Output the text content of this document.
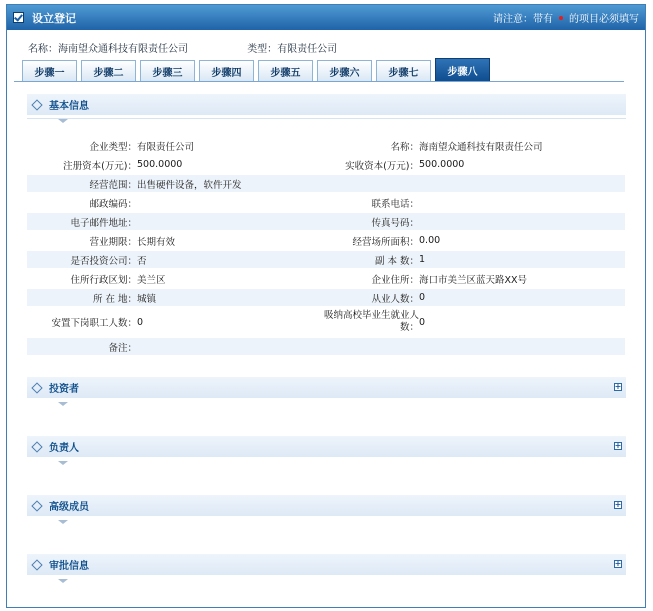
设立登记	请注意：带有 的项目必须填写
名称：海南望众通科技有限责任公司	类型：有限责任公司
步骤一	步骤二	步骤三	步骤四	步骤五	步骤六	步骤七	步骤八
基本信息
企业类型：	有限责任公司	名称：	海南望众通科技有限责任公司
注册资本(万元)：	500.0000	实收资本(万元)：	500.0000
经营范围：	出售硬件设备，软件开发		
邮政编码：		联系电话：	
电子邮件地址：		传真号码：	
营业期限：	长期有效	经营场所面积：	0.00
是否投资公司：	否	副 本 数：	1
住所行政区划：	美兰区	企业住所：	海口市美兰区蓝天路XX号
所 在 地：	城镇	从业人数：	0
安置下岗职工人数：	0	吸纳高校毕业生就业人
数：	0
备注：			
投资者	+
负责人	+
高级成员	+
审批信息	+
